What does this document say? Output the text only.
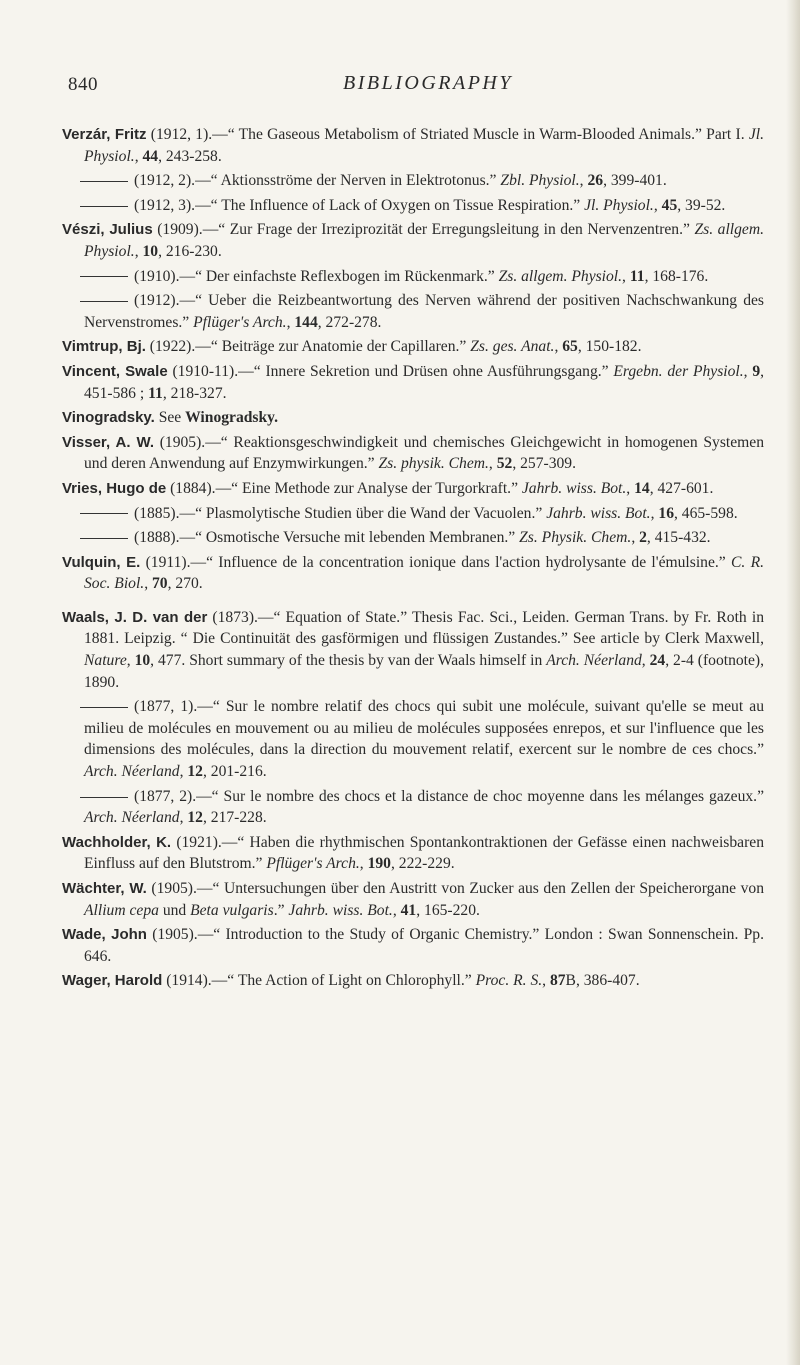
840	BIBLIOGRAPHY

Verzár, Fritz (1912, 1).—“ The Gaseous Metabolism of Striated Muscle in Warm-Blooded Animals.” Part I. Jl. Physiol., 44, 243-258.

(1912, 2).—“ Aktionsströme der Nerven in Elektrotonus.” Zbl. Physiol., 26, 399-401.

(1912, 3).—“ The Influence of Lack of Oxygen on Tissue Respiration.” Jl. Physiol., 45, 39-52.

Vészi, Julius (1909).—“ Zur Frage der Irreziprozität der Erregungsleitung in den Nervenzentren.” Zs. allgem. Physiol., 10, 216-230.

(1910).—“ Der einfachste Reflexbogen im Rückenmark.” Zs. allgem. Physiol., 11, 168-176.

(1912).—“ Ueber die Reizbeantwortung des Nerven während der positiven Nachschwankung des Nervenstromes.” Pflüger's Arch., 144, 272-278.

Vimtrup, Bj. (1922).—“ Beiträge zur Anatomie der Capillaren.” Zs. ges. Anat., 65, 150-182.

Vincent, Swale (1910-11).—“ Innere Sekretion und Drüsen ohne Ausführungsgang.” Ergebn. der Physiol., 9, 451-586 ; 11, 218-327.

Vinogradsky. See Winogradsky.

Visser, A. W. (1905).—“ Reaktionsgeschwindigkeit und chemisches Gleichgewicht in homogenen Systemen und deren Anwendung auf Enzymwirkungen.” Zs. physik. Chem., 52, 257-309.

Vries, Hugo de (1884).—“ Eine Methode zur Analyse der Turgorkraft.” Jahrb. wiss. Bot., 14, 427-601.

(1885).—“ Plasmolytische Studien über die Wand der Vacuolen.” Jahrb. wiss. Bot., 16, 465-598.

(1888).—“ Osmotische Versuche mit lebenden Membranen.” Zs. Physik. Chem., 2, 415-432.

Vulquin, E. (1911).—“ Influence de la concentration ionique dans l'action hydrolysante de l'émulsine.” C. R. Soc. Biol., 70, 270.

Waals, J. D. van der (1873).—“ Equation of State.” Thesis Fac. Sci., Leiden. German Trans. by Fr. Roth in 1881. Leipzig. “ Die Continuität des gasförmigen und flüssigen Zustandes.” See article by Clerk Maxwell, Nature, 10, 477. Short summary of the thesis by van der Waals himself in Arch. Néerland, 24, 2-4 (footnote), 1890.

(1877, 1).—“ Sur le nombre relatif des chocs qui subit une molécule, suivant qu'elle se meut au milieu de molécules en mouvement ou au milieu de molécules supposées enrepos, et sur l'influence que les dimensions des molécules, dans la direction du mouvement relatif, exercent sur le nombre de ces chocs.” Arch. Néerland, 12, 201-216.

(1877, 2).—“ Sur le nombre des chocs et la distance de choc moyenne dans les mélanges gazeux.” Arch. Néerland, 12, 217-228.

Wachholder, K. (1921).—“ Haben die rhythmischen Spontankontraktionen der Gefässe einen nachweisbaren Einfluss auf den Blutstrom.” Pflüger's Arch., 190, 222-229.

Wächter, W. (1905).—“ Untersuchungen über den Austritt von Zucker aus den Zellen der Speicherorgane von Allium cepa und Beta vulgaris.” Jahrb. wiss. Bot., 41, 165-220.

Wade, John (1905).—“ Introduction to the Study of Organic Chemistry.” London : Swan Sonnenschein. Pp. 646.

Wager, Harold (1914).—“ The Action of Light on Chlorophyll.” Proc. R. S., 87B, 386-407.
